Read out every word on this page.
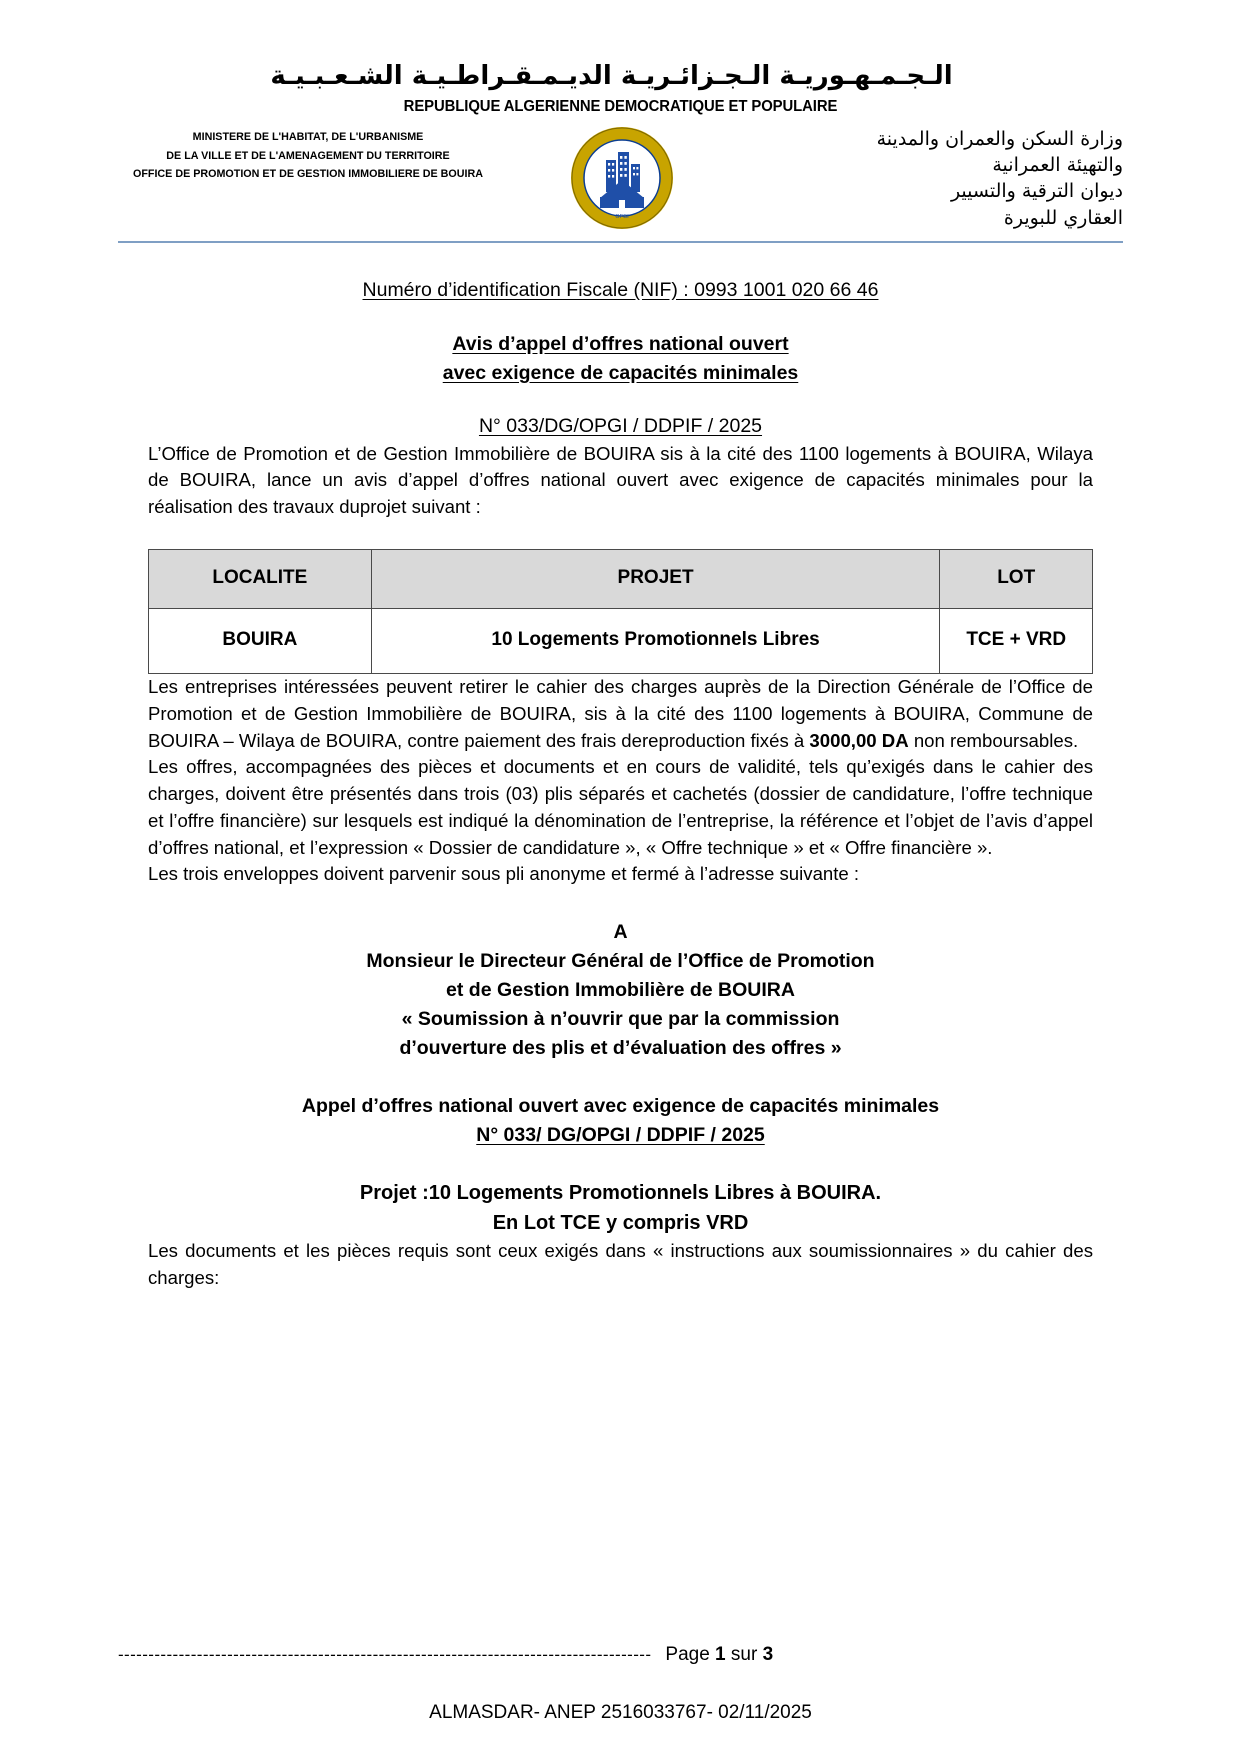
الـجـمـهـوريـة الـجـزائـريـة الديـمـقـراطـيـة الشـعـبـيـة
REPUBLIQUE ALGERIENNE DEMOCRATIQUE ET POPULAIRE
MINISTERE DE L'HABITAT, DE L'URBANISME
DE LA VILLE ET DE L'AMENAGEMENT DU TERRITOIRE
OFFICE DE PROMOTION ET DE GESTION IMMOBILIERE DE BOUIRA
OPGI
وزارة السكن والعمران والمدينة
والتهيئة العمرانية
ديوان الترقية والتسيير
العقاري للبويرة
Numéro d’identification Fiscale (NIF) : 0993 1001 020 66 46
Avis d’appel d’offres national ouvert
avec exigence de capacités minimales
N° 033/DG/OPGI / DDPIF / 2025

L’Office de Promotion et de Gestion Immobilière de BOUIRA sis à la cité des 1100 logements à BOUIRA, Wilaya de BOUIRA, lance un avis d’appel d’offres national ouvert avec exigence de capacités minimales pour la réalisation des travaux duprojet suivant :

LOCALITE	PROJET	LOT
BOUIRA	10 Logements Promotionnels Libres	TCE + VRD

Les entreprises intéressées peuvent retirer le cahier des charges auprès de la Direction Générale de l’Office de Promotion et de Gestion Immobilière de BOUIRA, sis à la cité des 1100 logements à BOUIRA, Commune de BOUIRA – Wilaya de BOUIRA, contre paiement des frais dereproduction fixés à 3000,00 DA non remboursables.

Les offres, accompagnées des pièces et documents et en cours de validité, tels qu’exigés dans le cahier des charges, doivent être présentés dans trois (03) plis séparés et cachetés (dossier de candidature, l’offre technique et l’offre financière) sur lesquels est indiqué la dénomination de l’entreprise, la référence et l’objet de l’avis d’appel d’offres national, et l’expression « Dossier de candidature », « Offre technique » et « Offre financière ».

Les trois enveloppes doivent parvenir sous pli anonyme et fermé à l’adresse suivante :

A
Monsieur le Directeur Général de l’Office de Promotion
et de Gestion Immobilière de BOUIRA
« Soumission à n’ouvrir que par la commission
d’ouverture des plis et d’évaluation des offres »
Appel d’offres national ouvert avec exigence de capacités minimales
N° 033/ DG/OPGI / DDPIF / 2025
Projet :10 Logements Promotionnels Libres à BOUIRA.
En Lot TCE y compris VRD

Les documents et les pièces requis sont ceux exigés dans « instructions aux soumissionnaires » du cahier des charges:

---------------------------------------------------------------------------------------- Page 1 sur 3
ALMASDAR- ANEP 2516033767- 02/11/2025
